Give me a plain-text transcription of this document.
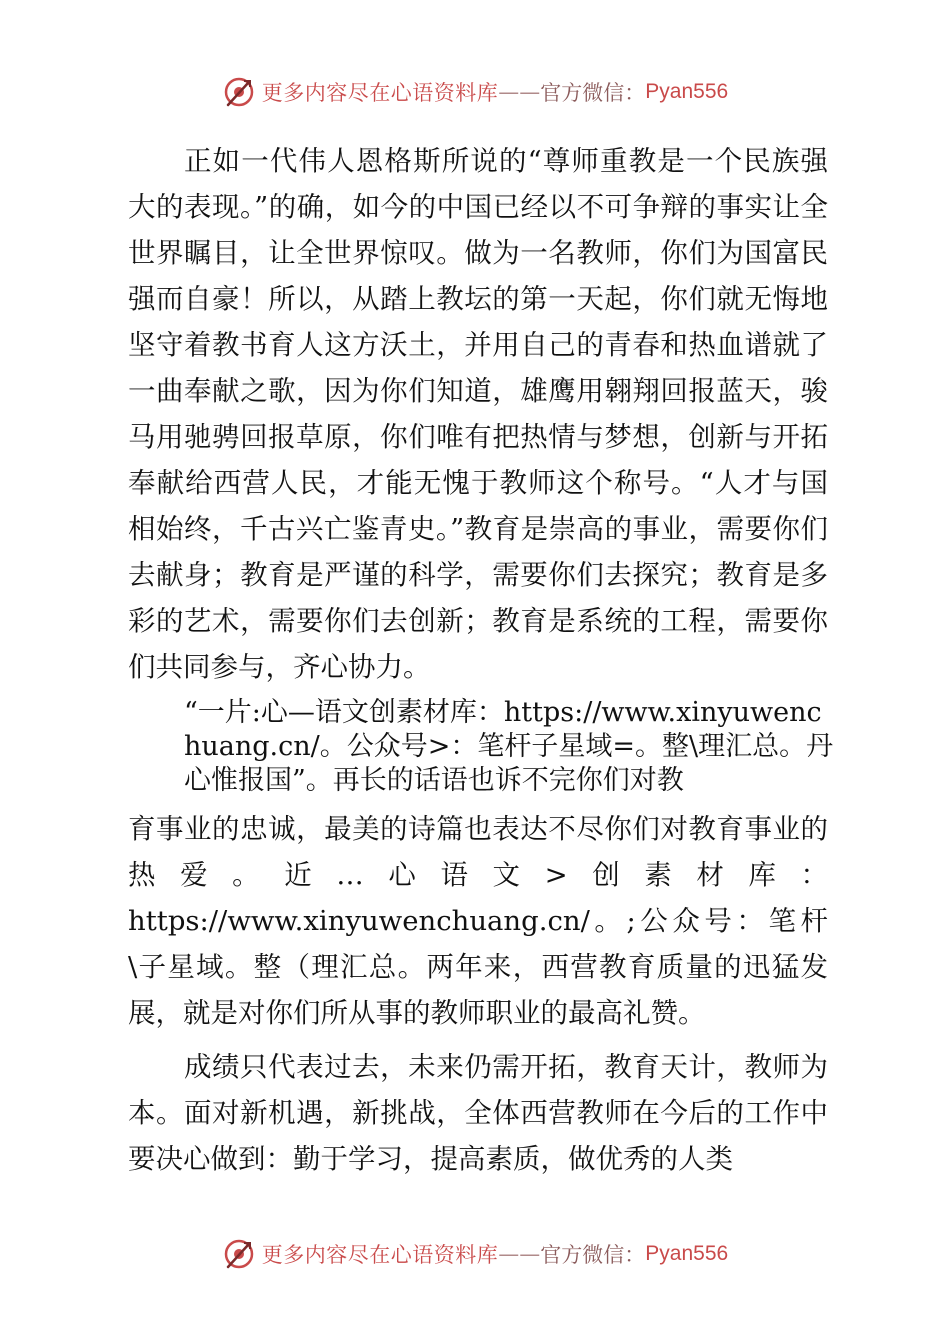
更多内容尽在心语资料库 —— 官方微信： Pyan556

正如一代伟人恩格斯所说的“尊师重教是一个民族强大的表现。”的确，如今的中国已经以不可争辩的事实让全世界瞩目，让全世界惊叹。做为一名教师，你们为国富民强而自豪！所以，从踏上教坛的第一天起，你们就无悔地坚守着教书育人这方沃土，并用自己的青春和热血谱就了一曲奉献之歌，因为你们知道，雄鹰用翱翔回报蓝天，骏马用驰骋回报草原，你们唯有把热情与梦想，创新与开拓奉献给西营人民，才能无愧于教师这个称号。“人才与国相始终，千古兴亡鉴青史。”教育是崇高的事业，需要你们去献身；教育是严谨的科学，需要你们去探究；教育是多彩的艺术，需要你们去创新；教育是系统的工程，需要你们共同参与，齐心协力。

“一片:心—语文创素材库：https://www.xinyuwenchuang.cn/。公众号>：笔杆子星域=。整\理汇总。丹心惟报国”。再长的话语也诉不完你们对教

育事业的忠诚，最美的诗篇也表达不尽你们对教育事业的热爱。近…心语文>创素材库：https://www.xinyuwenchuang.cn/。;公众号：笔杆\子星域。整（理汇总。两年来，西营教育质量的迅猛发展，就是对你们所从事的教师职业的最高礼赞。

成绩只代表过去，未来仍需开拓，教育天计，教师为本。面对新机遇，新挑战，全体西营教师在今后的工作中要决心做到：勤于学习，提高素质，做优秀的人类

更多内容尽在心语资料库 —— 官方微信： Pyan556
